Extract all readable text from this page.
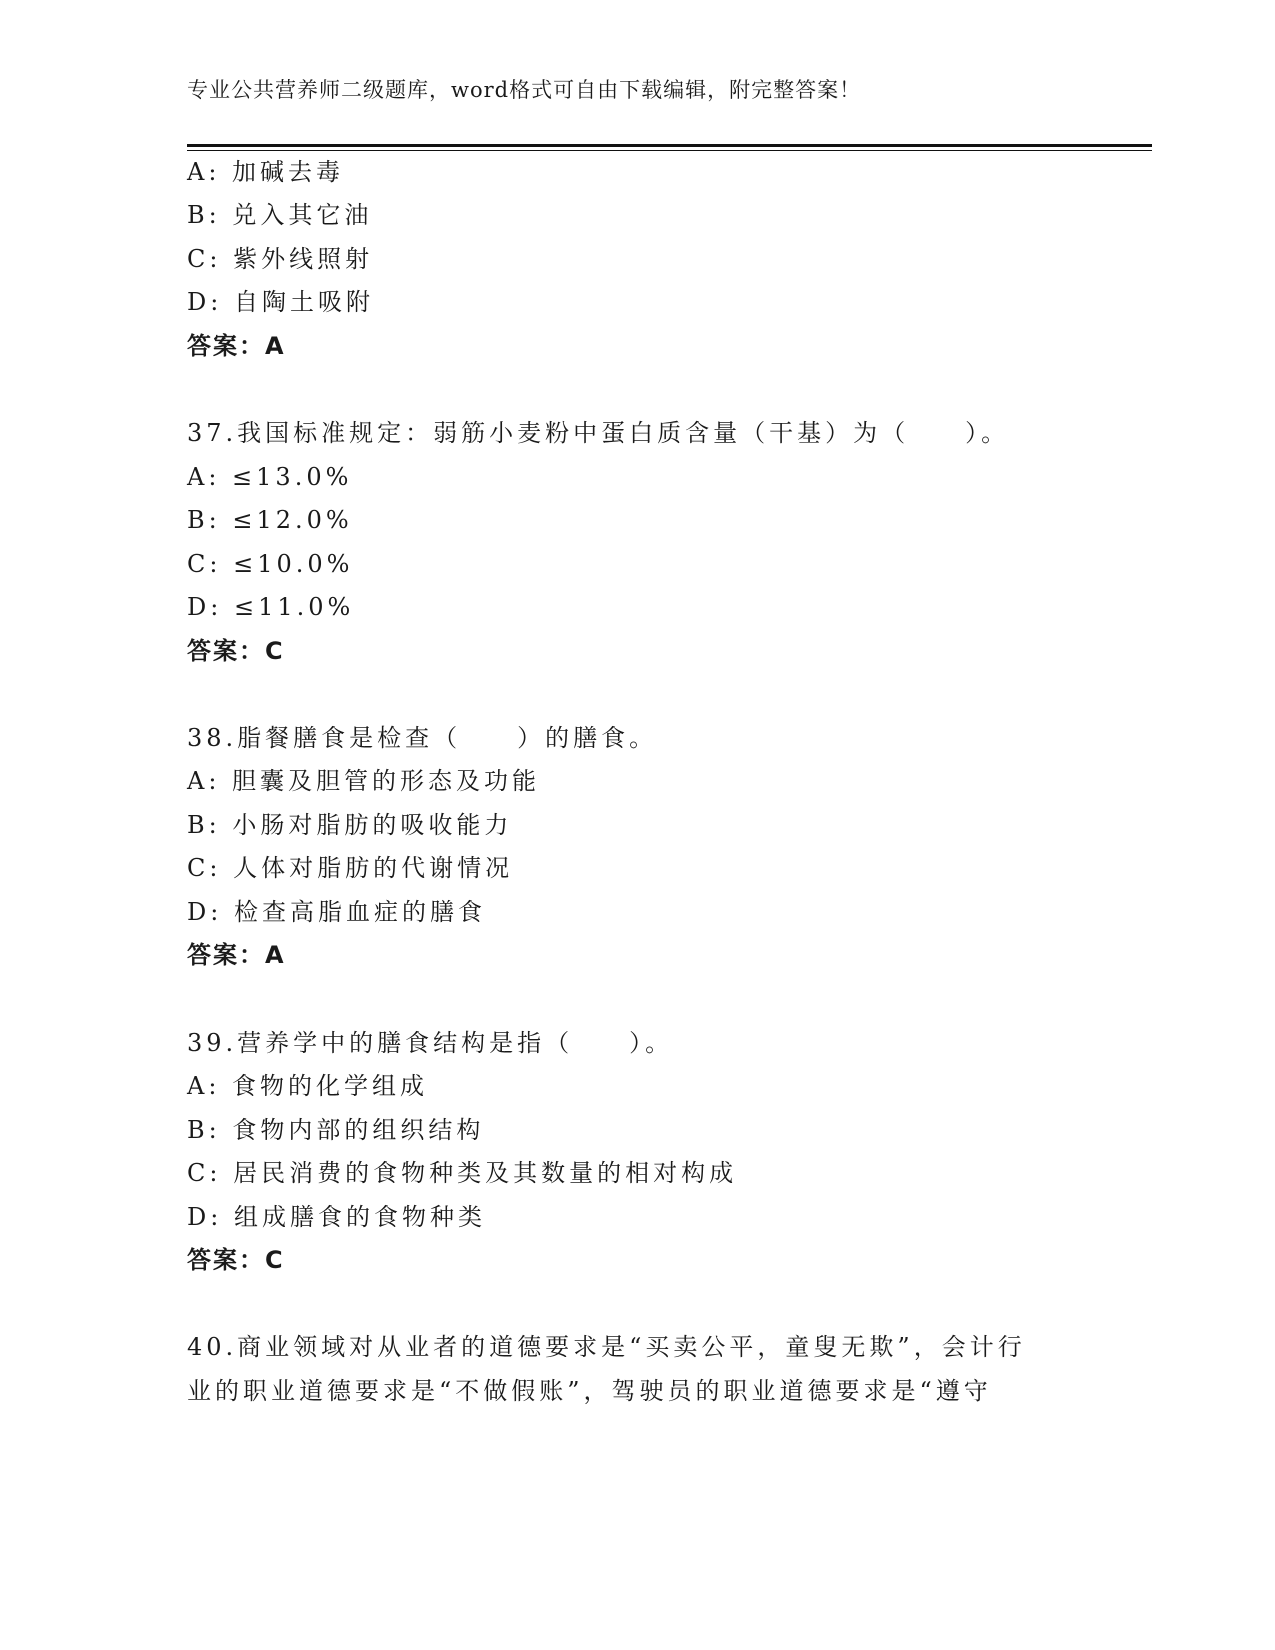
专业公共营养师二级题库，word格式可自由下载编辑，附完整答案！
A: 加碱去毒
B: 兑入其它油
C: 紫外线照射
D: 自陶土吸附
答案：A
37.我国标准规定：弱筋小麦粉中蛋白质含量（干基）为（　　）。
A: ≤13.0%
B: ≤12.0%
C: ≤10.0%
D: ≤11.0%
答案：C
38.脂餐膳食是检查（　　）的膳食。
A: 胆囊及胆管的形态及功能
B: 小肠对脂肪的吸收能力
C: 人体对脂肪的代谢情况
D: 检查高脂血症的膳食
答案：A
39.营养学中的膳食结构是指（　　）。
A: 食物的化学组成
B: 食物内部的组织结构
C: 居民消费的食物种类及其数量的相对构成
D: 组成膳食的食物种类
答案：C
40.商业领域对从业者的道德要求是“买卖公平，童叟无欺”，会计行
业的职业道德要求是“不做假账”，驾驶员的职业道德要求是“遵守
